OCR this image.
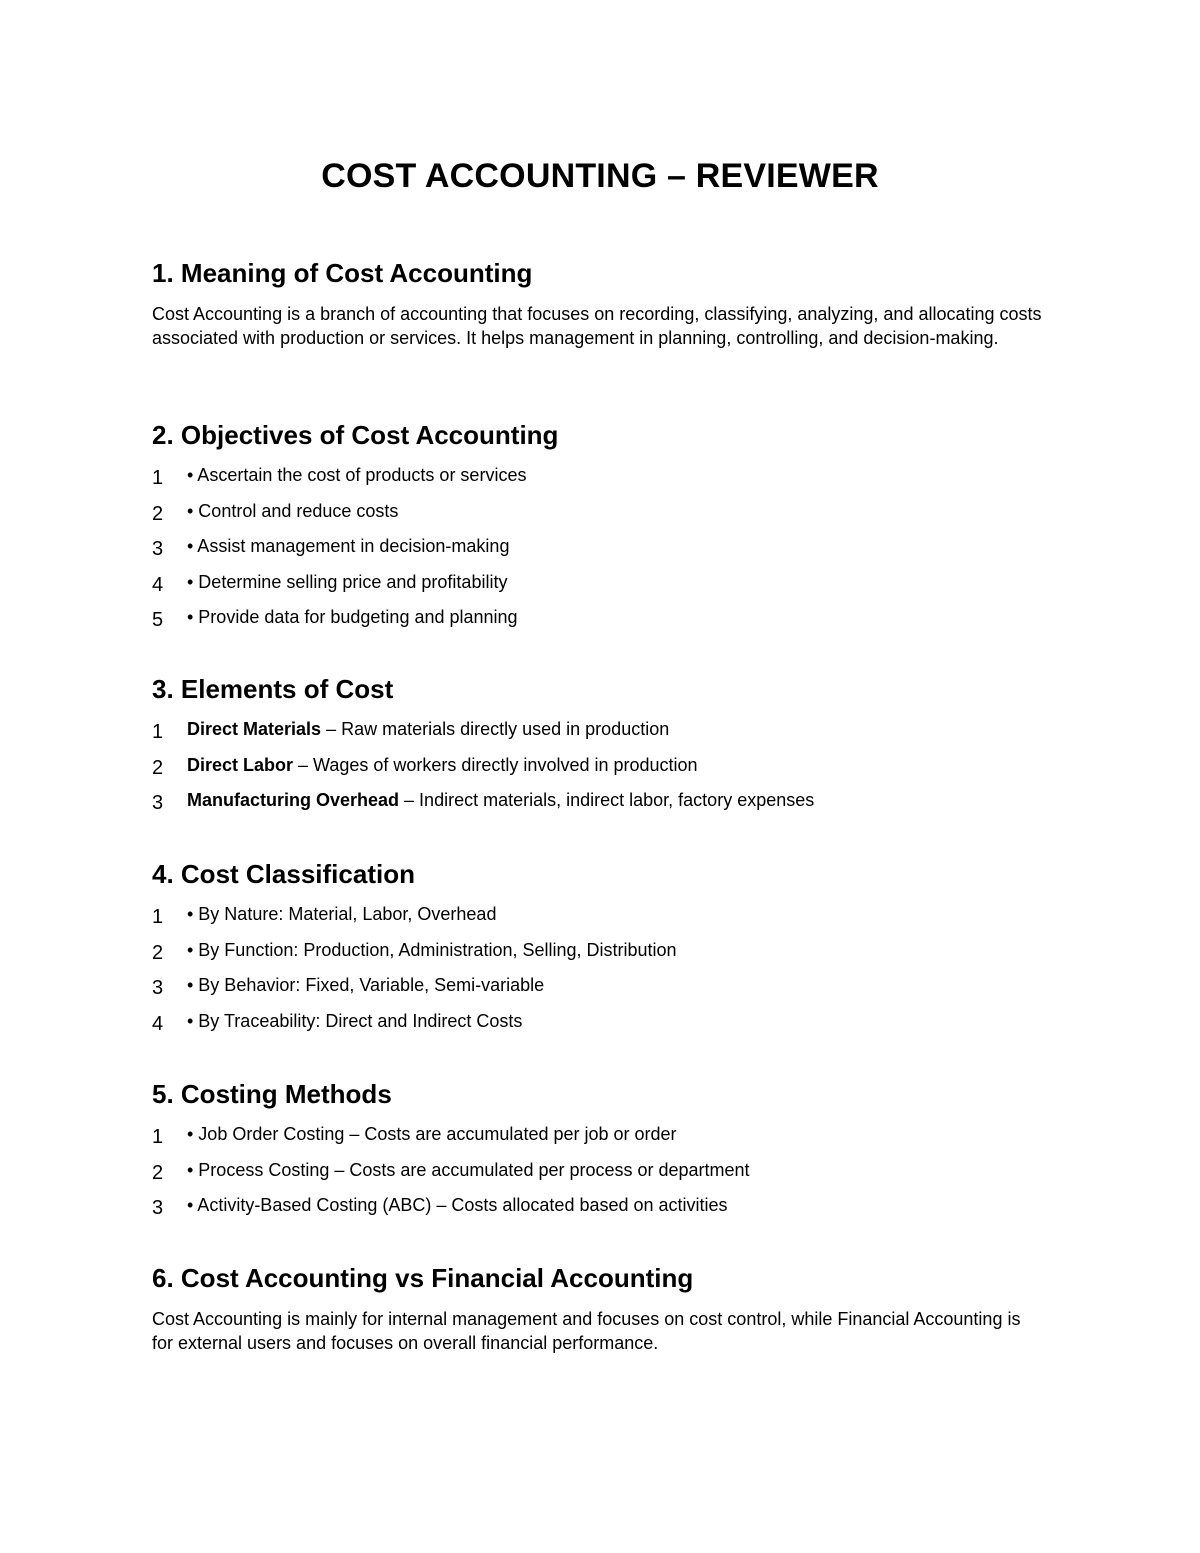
COST ACCOUNTING – REVIEWER
1. Meaning of Cost Accounting

Cost Accounting is a branch of accounting that focuses on recording, classifying, analyzing, and allocating costs associated with production or services. It helps management in planning, controlling, and decision-making.

2. Objectives of Cost Accounting
1	• Ascertain the cost of products or services
2	• Control and reduce costs
3	• Assist management in decision-making
4	• Determine selling price and profitability
5	• Provide data for budgeting and planning
3. Elements of Cost
1	Direct Materials – Raw materials directly used in production
2	Direct Labor – Wages of workers directly involved in production
3	Manufacturing Overhead – Indirect materials, indirect labor, factory expenses
4. Cost Classification
1	• By Nature: Material, Labor, Overhead
2	• By Function: Production, Administration, Selling, Distribution
3	• By Behavior: Fixed, Variable, Semi-variable
4	• By Traceability: Direct and Indirect Costs
5. Costing Methods
1	• Job Order Costing – Costs are accumulated per job or order
2	• Process Costing – Costs are accumulated per process or department
3	• Activity-Based Costing (ABC) – Costs allocated based on activities
6. Cost Accounting vs Financial Accounting

Cost Accounting is mainly for internal management and focuses on cost control, while Financial Accounting is for external users and focuses on overall financial performance.
